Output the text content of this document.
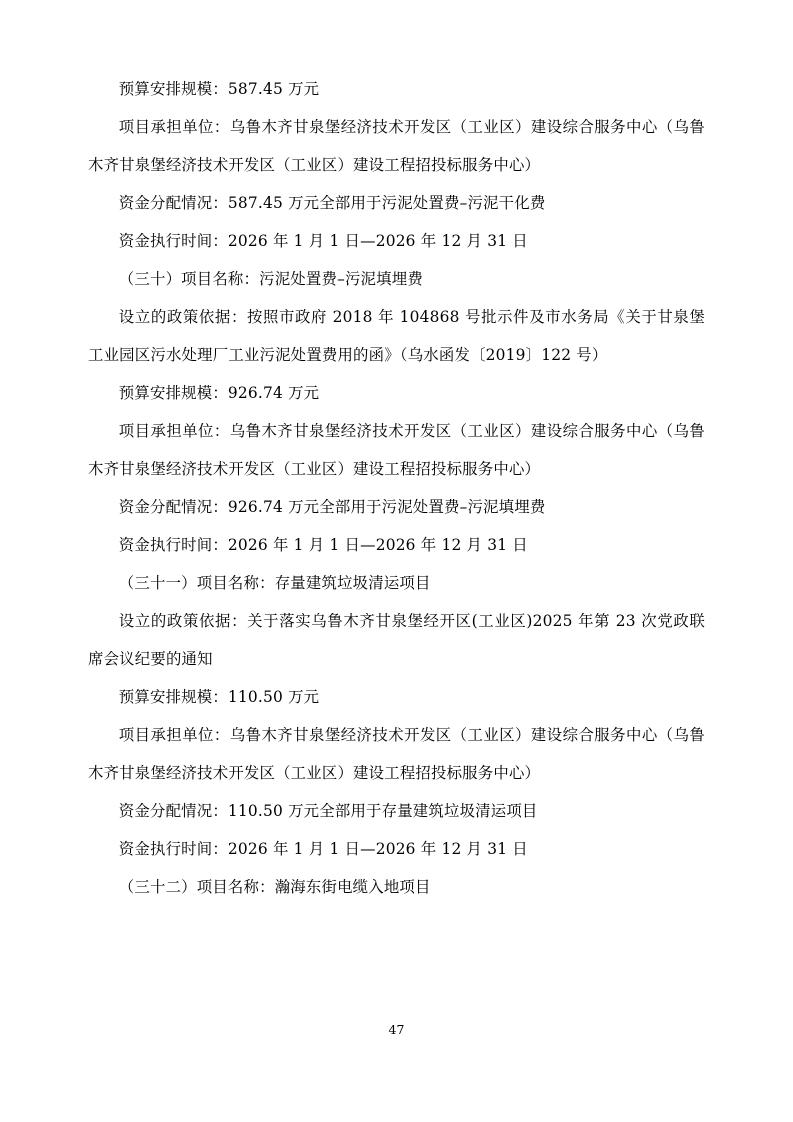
预算安排规模：587.45 万元

项目承担单位：乌鲁木齐甘泉堡经济技术开发区（工业区）建设综合服务中心（乌鲁木齐甘泉堡经济技术开发区（工业区）建设工程招投标服务中心）

资金分配情况：587.45 万元全部用于污泥处置费–污泥干化费

资金执行时间：2026 年 1 月 1 日—2026 年 12 月 31 日

（三十）项目名称：污泥处置费–污泥填埋费

设立的政策依据：按照市政府 2018 年 104868 号批示件及市水务局《关于甘泉堡工业园区污水处理厂工业污泥处置费用的函》（乌水函发〔2019〕122 号）

预算安排规模：926.74 万元

项目承担单位：乌鲁木齐甘泉堡经济技术开发区（工业区）建设综合服务中心（乌鲁木齐甘泉堡经济技术开发区（工业区）建设工程招投标服务中心）

资金分配情况：926.74 万元全部用于污泥处置费–污泥填埋费

资金执行时间：2026 年 1 月 1 日—2026 年 12 月 31 日

（三十一）项目名称：存量建筑垃圾清运项目

设立的政策依据：关于落实乌鲁木齐甘泉堡经开区(工业区)2025 年第 23 次党政联席会议纪要的通知

预算安排规模：110.50 万元

项目承担单位：乌鲁木齐甘泉堡经济技术开发区（工业区）建设综合服务中心（乌鲁木齐甘泉堡经济技术开发区（工业区）建设工程招投标服务中心）

资金分配情况：110.50 万元全部用于存量建筑垃圾清运项目

资金执行时间：2026 年 1 月 1 日—2026 年 12 月 31 日

（三十二）项目名称：瀚海东街电缆入地项目

47
